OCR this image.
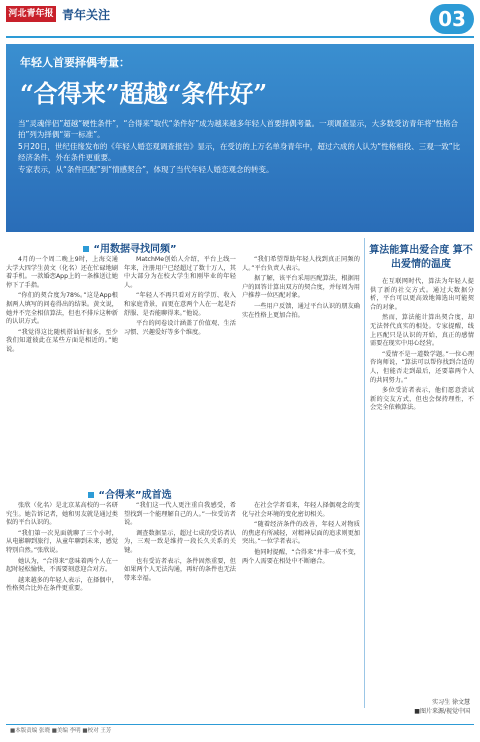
河北青年报 青年关注	03
年轻人首要择偶考量：
“合得来”超越“条件好”

当“灵魂伴侣”超越“硬性条件”，“合得来”取代“条件好”成为越来越多年轻人首要择偶考量。一项调查显示，大多数受访青年将“性格合拍”列为择偶“第一标准”。

5月20日，世纪佳缘发布的《年轻人婚恋观调查报告》显示，在受访的上万名单身青年中，超过六成的人认为“性格相投、三观一致”比经济条件、外在条件更重要。

专家表示，从“条件匹配”到“情感契合”，体现了当代年轻人婚恋观念的转变。

“用数据寻找同频”

4月的一个周二晚上9时，上海交通大学大四学生黄文（化名）还在忙碌地刷着手机。一款婚恋App上的一条推送让她停下了手指。

“你们的契合度为78%。”这是App根据两人填写的问卷得出的结果。黄文说，她并不完全相信算法，但也不排斥这种新的认识方式。

“我觉得这比随机搭讪好很多，至少我们知道彼此在某些方面是相近的。”她说。

MatchMe创始人介绍，平台上线一年来，注册用户已经超过了数十万人，其中大部分为在校大学生和刚毕业的年轻人。

“年轻人不再只看对方的学历、收入和家庭背景，而更在意两个人在一起是否舒服、是否能聊得来。”他说。

平台的问卷设计涵盖了价值观、生活习惯、兴趣爱好等多个维度。

“我们希望帮助年轻人找到真正同频的人。”平台负责人表示。

据了解，该平台采用匹配算法，根据用户的回答计算出双方的契合度，并每周为用户推荐一位匹配对象。

一些用户反馈，通过平台认识的朋友确实在性格上更加合拍。

“合得来”成首选

张欣（化名）是北京某高校的一名研究生。她告诉记者，她和男友就是通过类似的平台认识的。

“我们第一次见面就聊了三个小时，从电影聊到旅行，从童年聊到未来，感觉特别自然。”张欣说。

她认为，“合得来”意味着两个人在一起时轻松愉快，不需要刻意迎合对方。

越来越多的年轻人表示，在择偶中，性格契合比外在条件更重要。

“我们这一代人更注重自我感受，希望找到一个能理解自己的人。”一位受访者说。

调查数据显示，超过七成的受访者认为，三观一致是维持一段长久关系的关键。

也有受访者表示，条件固然重要，但如果两个人无法沟通，再好的条件也无法带来幸福。

在社会学者看来，年轻人择偶观念的变化与社会环境的变化密切相关。

“随着经济条件的改善，年轻人对物质的焦虑有所减轻，对精神层面的追求则更加突出。”一位学者表示。

他同时提醒，“合得来”并非一成不变，两个人需要在相处中不断磨合。

算法能算出爱合度 算不出爱情的温度

在互联网时代，算法为年轻人提供了新的社交方式。通过大数据分析，平台可以更高效地筛选出可能契合的对象。

然而，算法能计算出契合度，却无法替代真实的相处。专家提醒，线上匹配只是认识的开始，真正的感情需要在现实中用心经营。

“爱情不是一道数学题。”一位心理咨询师说，“算法可以帮你找到合适的人，但能否走到最后，还要靠两个人的共同努力。”

多位受访者表示，他们愿意尝试新的交友方式，但也会保持理性，不会完全依赖算法。

实习生 徐文慧
■图片来源/视觉中国
■本版责编 张晓 ■美编 李明 ■校对 王芳
